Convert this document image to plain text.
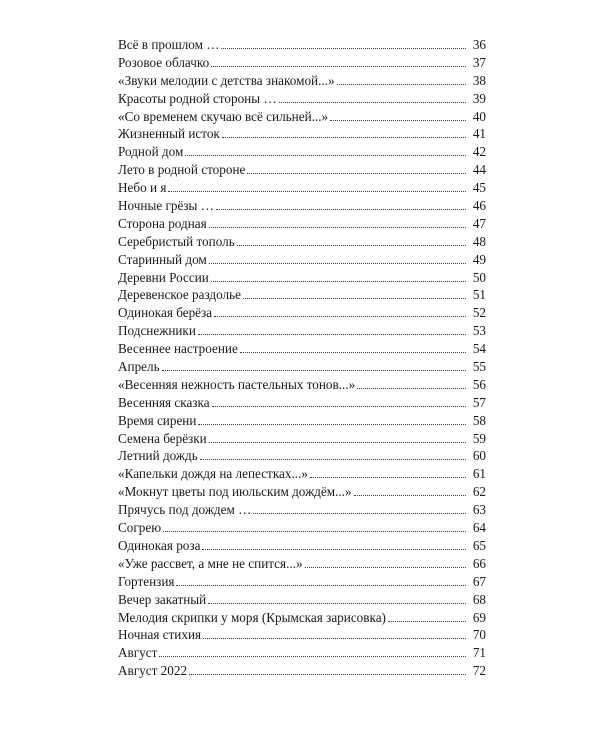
Всё в прошлом …	36
Розовое облачко	37
«Звуки мелодии с детства знакомой...»	38
Красоты родной стороны …	39
«Со временем скучаю всё сильней...»	40
Жизненный исток	41
Родной дом	42
Лето в родной стороне	44
Небо и я	45
Ночные грёзы …	46
Сторона родная	47
Серебристый тополь	48
Старинный дом	49
Деревни России	50
Деревенское раздолье	51
Одинокая берёза	52
Подснежники	53
Весеннее настроение	54
Апрель	55
«Весенняя нежность пастельных тонов...»	56
Весенняя сказка	57
Время сирени	58
Семена берёзки	59
Летний дождь	60
«Капельки дождя на лепестках...»	61
«Мокнут цветы под июльским дождём...»	62
Прячусь под дождем …	63
Согрею	64
Одинокая роза	65
«Уже рассвет, а мне не спится...»	66
Гортензия	67
Вечер закатный	68
Мелодия скрипки у моря (Крымская зарисовка)	69
Ночная стихия	70
Август	71
Август 2022	72
